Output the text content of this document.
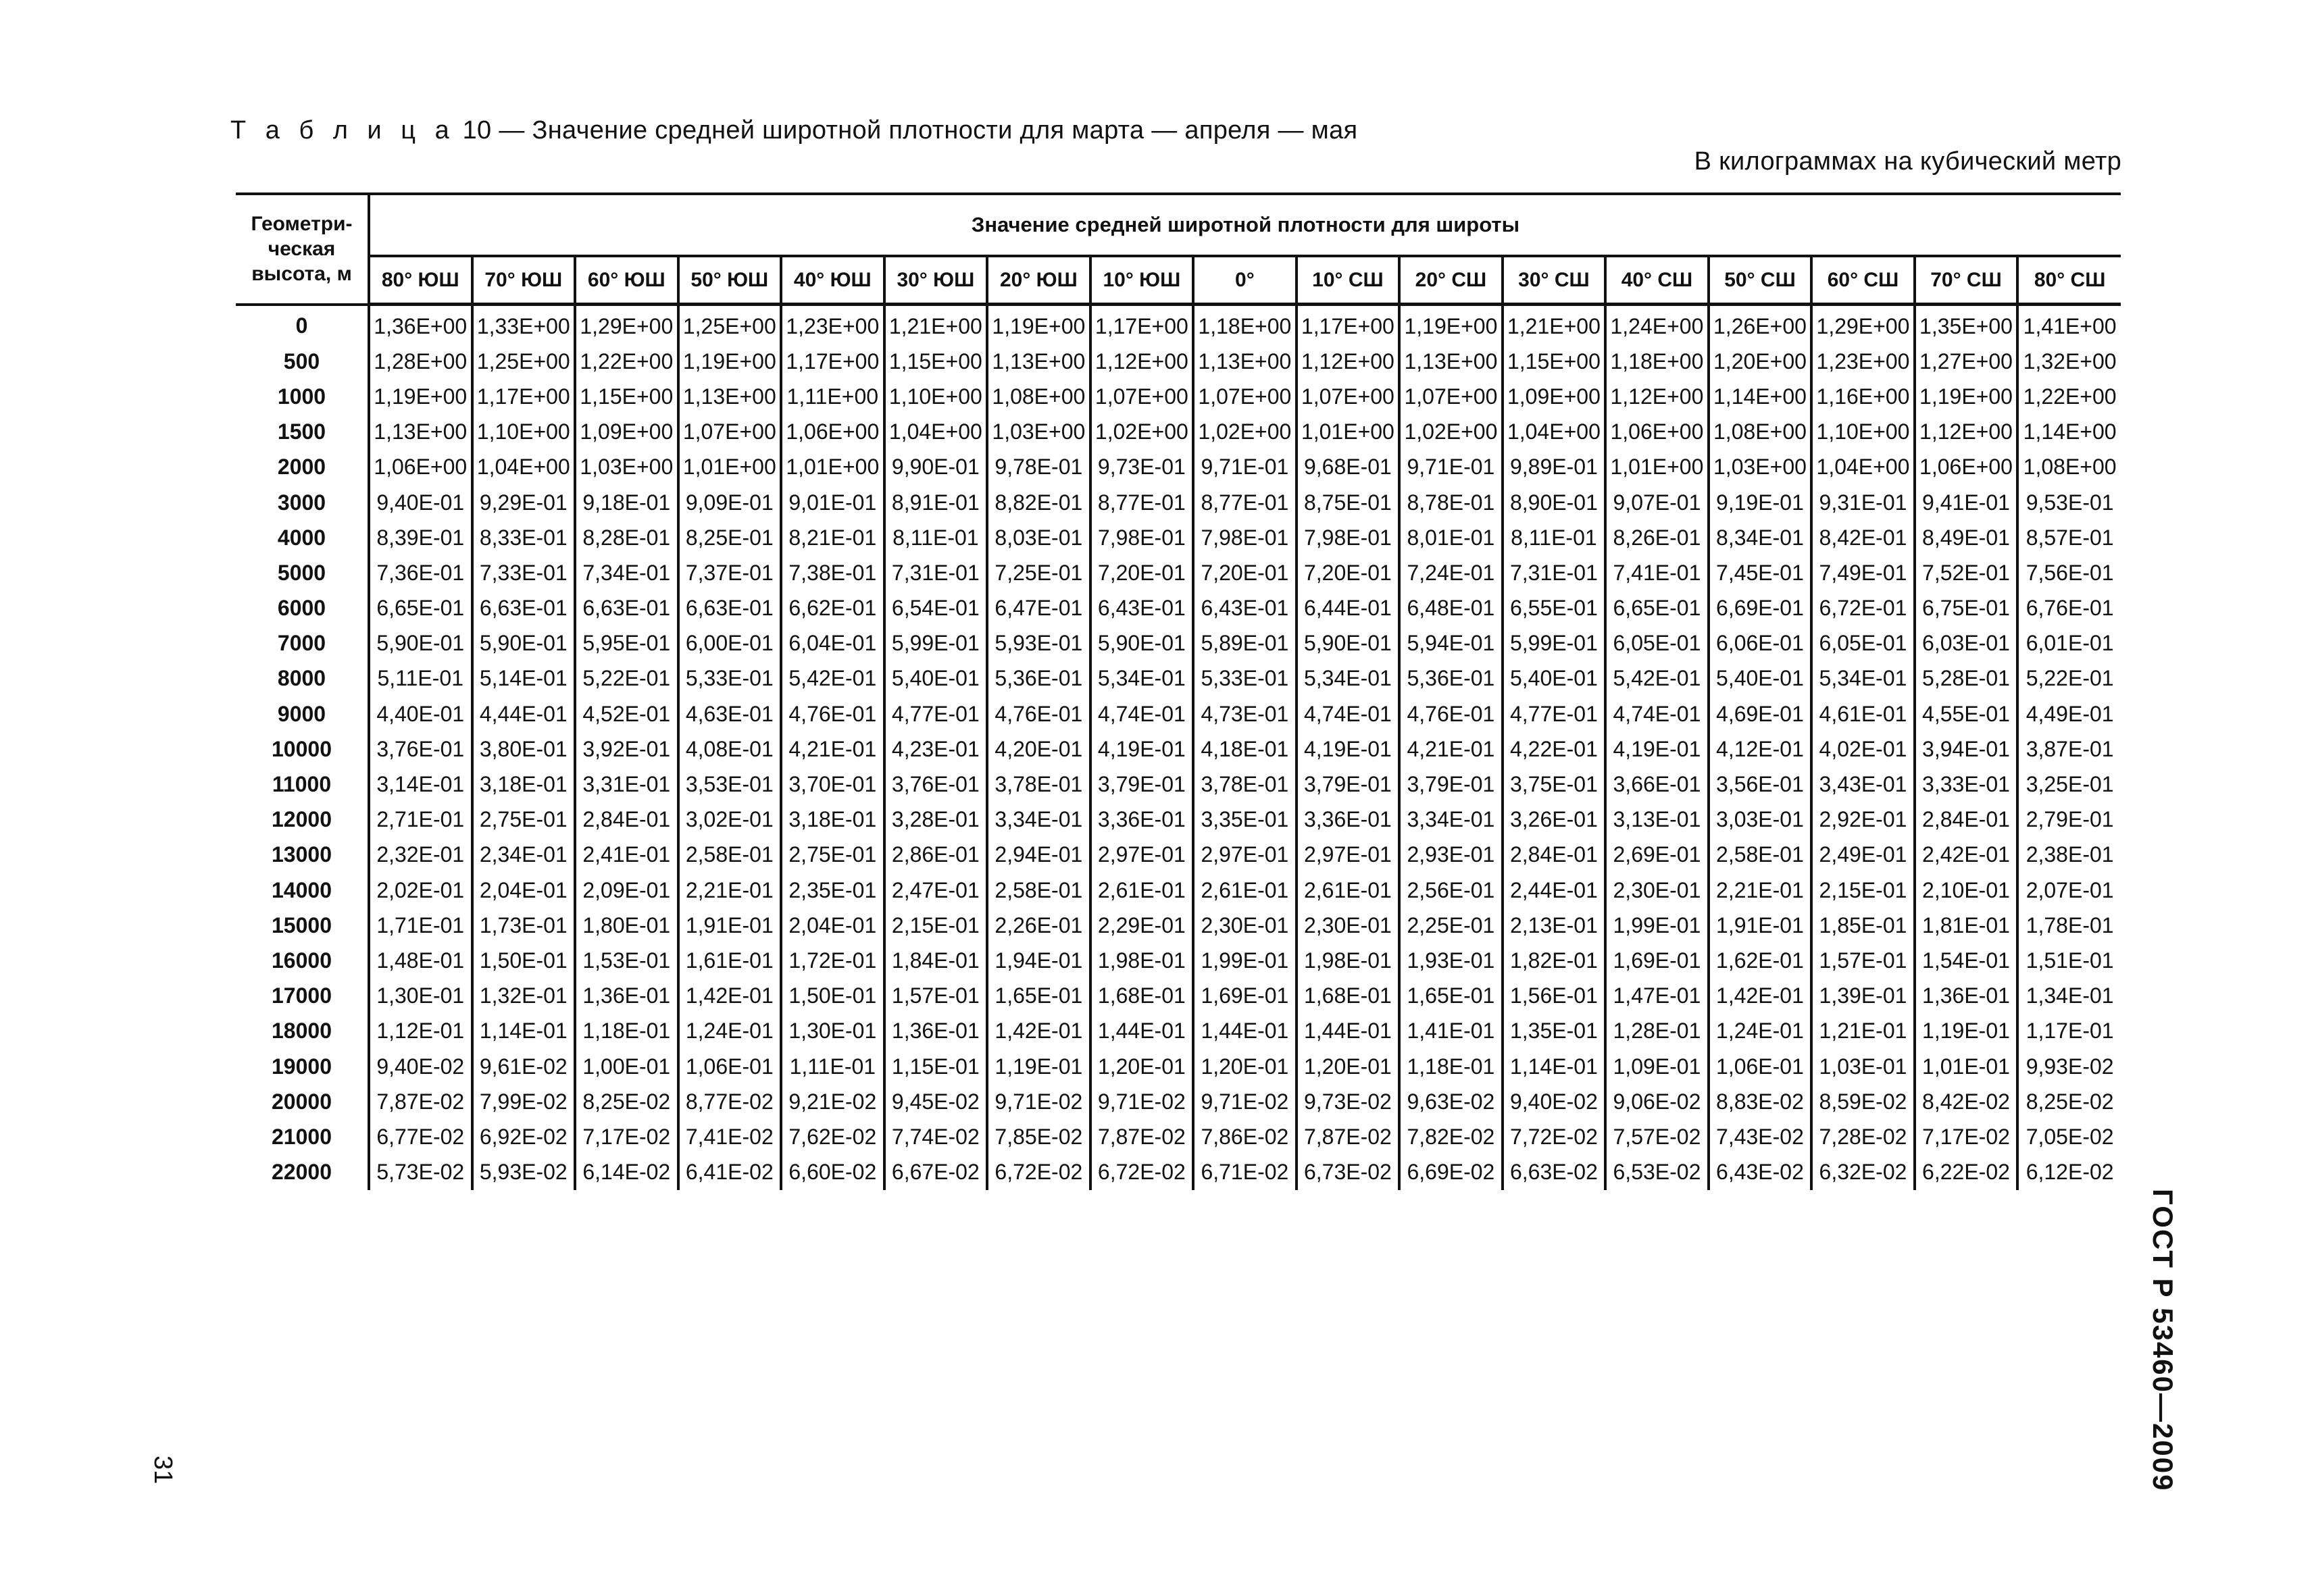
Т а б л и ц а 10 — Значение средней широтной плотности для марта — апреля — мая
В килограммах на кубический метр
Геометри-
ческая
высота, м	Значение средней широтной плотности для широты																
	80° ЮШ	70° ЮШ	60° ЮШ	50° ЮШ	40° ЮШ	30° ЮШ	20° ЮШ	10° ЮШ	0°	10° СШ	20° СШ	30° СШ	40° СШ	50° СШ	60° СШ	70° СШ	80° СШ
0	1,36E+00	1,33E+00	1,29E+00	1,25E+00	1,23E+00	1,21E+00	1,19E+00	1,17E+00	1,18E+00	1,17E+00	1,19E+00	1,21E+00	1,24E+00	1,26E+00	1,29E+00	1,35E+00	1,41E+00
500	1,28E+00	1,25E+00	1,22E+00	1,19E+00	1,17E+00	1,15E+00	1,13E+00	1,12E+00	1,13E+00	1,12E+00	1,13E+00	1,15E+00	1,18E+00	1,20E+00	1,23E+00	1,27E+00	1,32E+00
1000	1,19E+00	1,17E+00	1,15E+00	1,13E+00	1,11E+00	1,10E+00	1,08E+00	1,07E+00	1,07E+00	1,07E+00	1,07E+00	1,09E+00	1,12E+00	1,14E+00	1,16E+00	1,19E+00	1,22E+00
1500	1,13E+00	1,10E+00	1,09E+00	1,07E+00	1,06E+00	1,04E+00	1,03E+00	1,02E+00	1,02E+00	1,01E+00	1,02E+00	1,04E+00	1,06E+00	1,08E+00	1,10E+00	1,12E+00	1,14E+00
2000	1,06E+00	1,04E+00	1,03E+00	1,01E+00	1,01E+00	9,90E-01	9,78E-01	9,73E-01	9,71E-01	9,68E-01	9,71E-01	9,89E-01	1,01E+00	1,03E+00	1,04E+00	1,06E+00	1,08E+00
3000	9,40E-01	9,29E-01	9,18E-01	9,09E-01	9,01E-01	8,91E-01	8,82E-01	8,77E-01	8,77E-01	8,75E-01	8,78E-01	8,90E-01	9,07E-01	9,19E-01	9,31E-01	9,41E-01	9,53E-01
4000	8,39E-01	8,33E-01	8,28E-01	8,25E-01	8,21E-01	8,11E-01	8,03E-01	7,98E-01	7,98E-01	7,98E-01	8,01E-01	8,11E-01	8,26E-01	8,34E-01	8,42E-01	8,49E-01	8,57E-01
5000	7,36E-01	7,33E-01	7,34E-01	7,37E-01	7,38E-01	7,31E-01	7,25E-01	7,20E-01	7,20E-01	7,20E-01	7,24E-01	7,31E-01	7,41E-01	7,45E-01	7,49E-01	7,52E-01	7,56E-01
6000	6,65E-01	6,63E-01	6,63E-01	6,63E-01	6,62E-01	6,54E-01	6,47E-01	6,43E-01	6,43E-01	6,44E-01	6,48E-01	6,55E-01	6,65E-01	6,69E-01	6,72E-01	6,75E-01	6,76E-01
7000	5,90E-01	5,90E-01	5,95E-01	6,00E-01	6,04E-01	5,99E-01	5,93E-01	5,90E-01	5,89E-01	5,90E-01	5,94E-01	5,99E-01	6,05E-01	6,06E-01	6,05E-01	6,03E-01	6,01E-01
8000	5,11E-01	5,14E-01	5,22E-01	5,33E-01	5,42E-01	5,40E-01	5,36E-01	5,34E-01	5,33E-01	5,34E-01	5,36E-01	5,40E-01	5,42E-01	5,40E-01	5,34E-01	5,28E-01	5,22E-01
9000	4,40E-01	4,44E-01	4,52E-01	4,63E-01	4,76E-01	4,77E-01	4,76E-01	4,74E-01	4,73E-01	4,74E-01	4,76E-01	4,77E-01	4,74E-01	4,69E-01	4,61E-01	4,55E-01	4,49E-01
10000	3,76E-01	3,80E-01	3,92E-01	4,08E-01	4,21E-01	4,23E-01	4,20E-01	4,19E-01	4,18E-01	4,19E-01	4,21E-01	4,22E-01	4,19E-01	4,12E-01	4,02E-01	3,94E-01	3,87E-01
11000	3,14E-01	3,18E-01	3,31E-01	3,53E-01	3,70E-01	3,76E-01	3,78E-01	3,79E-01	3,78E-01	3,79E-01	3,79E-01	3,75E-01	3,66E-01	3,56E-01	3,43E-01	3,33E-01	3,25E-01
12000	2,71E-01	2,75E-01	2,84E-01	3,02E-01	3,18E-01	3,28E-01	3,34E-01	3,36E-01	3,35E-01	3,36E-01	3,34E-01	3,26E-01	3,13E-01	3,03E-01	2,92E-01	2,84E-01	2,79E-01
13000	2,32E-01	2,34E-01	2,41E-01	2,58E-01	2,75E-01	2,86E-01	2,94E-01	2,97E-01	2,97E-01	2,97E-01	2,93E-01	2,84E-01	2,69E-01	2,58E-01	2,49E-01	2,42E-01	2,38E-01
14000	2,02E-01	2,04E-01	2,09E-01	2,21E-01	2,35E-01	2,47E-01	2,58E-01	2,61E-01	2,61E-01	2,61E-01	2,56E-01	2,44E-01	2,30E-01	2,21E-01	2,15E-01	2,10E-01	2,07E-01
15000	1,71E-01	1,73E-01	1,80E-01	1,91E-01	2,04E-01	2,15E-01	2,26E-01	2,29E-01	2,30E-01	2,30E-01	2,25E-01	2,13E-01	1,99E-01	1,91E-01	1,85E-01	1,81E-01	1,78E-01
16000	1,48E-01	1,50E-01	1,53E-01	1,61E-01	1,72E-01	1,84E-01	1,94E-01	1,98E-01	1,99E-01	1,98E-01	1,93E-01	1,82E-01	1,69E-01	1,62E-01	1,57E-01	1,54E-01	1,51E-01
17000	1,30E-01	1,32E-01	1,36E-01	1,42E-01	1,50E-01	1,57E-01	1,65E-01	1,68E-01	1,69E-01	1,68E-01	1,65E-01	1,56E-01	1,47E-01	1,42E-01	1,39E-01	1,36E-01	1,34E-01
18000	1,12E-01	1,14E-01	1,18E-01	1,24E-01	1,30E-01	1,36E-01	1,42E-01	1,44E-01	1,44E-01	1,44E-01	1,41E-01	1,35E-01	1,28E-01	1,24E-01	1,21E-01	1,19E-01	1,17E-01
19000	9,40E-02	9,61E-02	1,00E-01	1,06E-01	1,11E-01	1,15E-01	1,19E-01	1,20E-01	1,20E-01	1,20E-01	1,18E-01	1,14E-01	1,09E-01	1,06E-01	1,03E-01	1,01E-01	9,93E-02
20000	7,87E-02	7,99E-02	8,25E-02	8,77E-02	9,21E-02	9,45E-02	9,71E-02	9,71E-02	9,71E-02	9,73E-02	9,63E-02	9,40E-02	9,06E-02	8,83E-02	8,59E-02	8,42E-02	8,25E-02
21000	6,77E-02	6,92E-02	7,17E-02	7,41E-02	7,62E-02	7,74E-02	7,85E-02	7,87E-02	7,86E-02	7,87E-02	7,82E-02	7,72E-02	7,57E-02	7,43E-02	7,28E-02	7,17E-02	7,05E-02
22000	5,73E-02	5,93E-02	6,14E-02	6,41E-02	6,60E-02	6,67E-02	6,72E-02	6,72E-02	6,71E-02	6,73E-02	6,69E-02	6,63E-02	6,53E-02	6,43E-02	6,32E-02	6,22E-02	6,12E-02
ГОСТ Р 53460—2009
31
